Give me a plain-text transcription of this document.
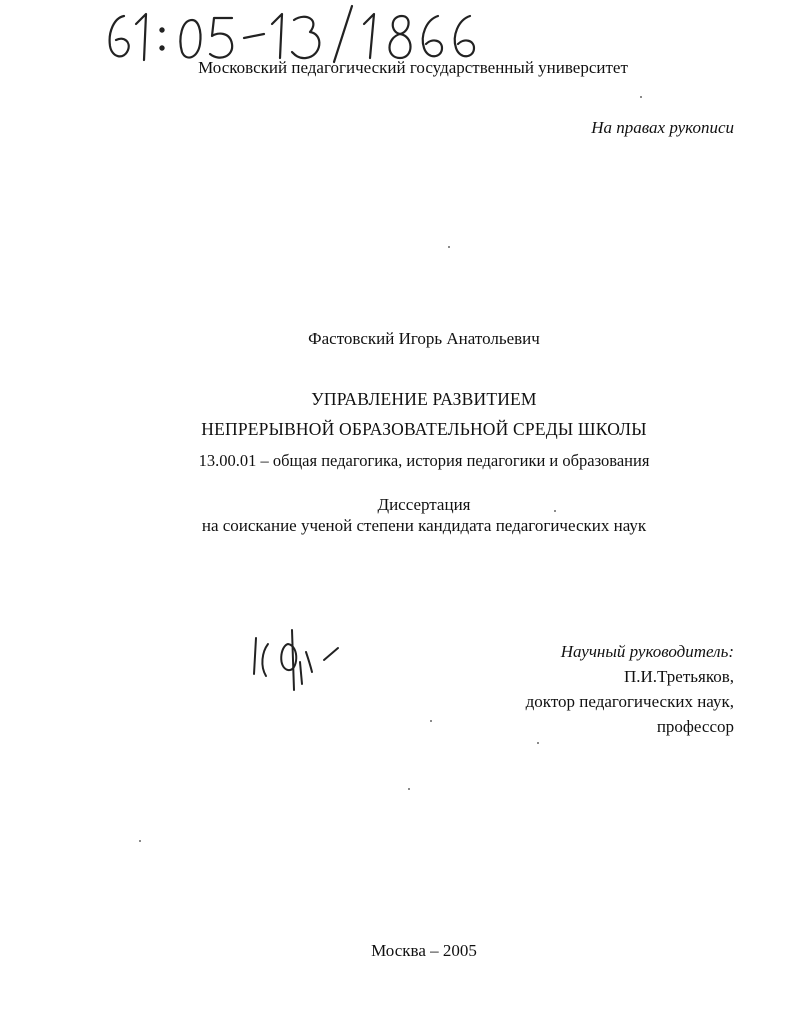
Московский педагогический государственный университет
На правах рукописи
Фастовский Игорь Анатольевич
УПРАВЛЕНИЕ РАЗВИТИЕМ
НЕПРЕРЫВНОЙ ОБРАЗОВАТЕЛЬНОЙ СРЕДЫ ШКОЛЫ
13.00.01 – общая педагогика, история педагогики и образования
Диссертация
на соискание ученой степени кандидата педагогических наук
Научный руководитель:
П.И.Третьяков,
доктор педагогических наук,
профессор
Москва – 2005
